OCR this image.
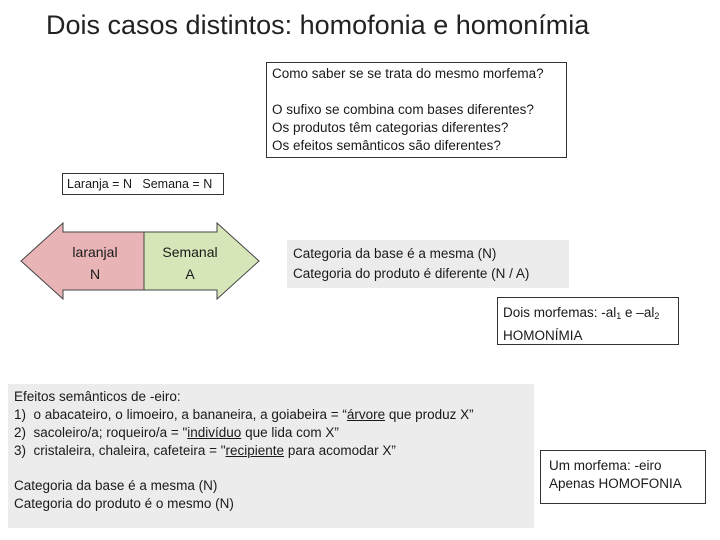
Dois casos distintos: homofonia e homonímia
Como saber se se trata do mesmo morfema?
O sufixo se combina com bases diferentes?
Os produtos têm categorias diferentes?
Os efeitos semânticos são diferentes?
Laranja = N   Semana = N
laranjal
N
Semanal
A
Categoria da base é a mesma (N)
Categoria do produto é diferente (N / A)
Dois morfemas: $-al_1$ e $-al_2$
HOMONÍMIA
Efeitos semânticos de -eiro:
1)  o abacateiro, o limoeiro, a bananeira, a goiabeira = “árvore que produz X”
2)  sacoleiro/a; roqueiro/a = "indivíduo que lida com X”
3)  cristaleira, chaleira, cafeteira = "recipiente para acomodar X”
Categoria da base é a mesma (N)
Categoria do produto é o mesmo (N)
Um morfema: -eiro
Apenas HOMOFONIA
